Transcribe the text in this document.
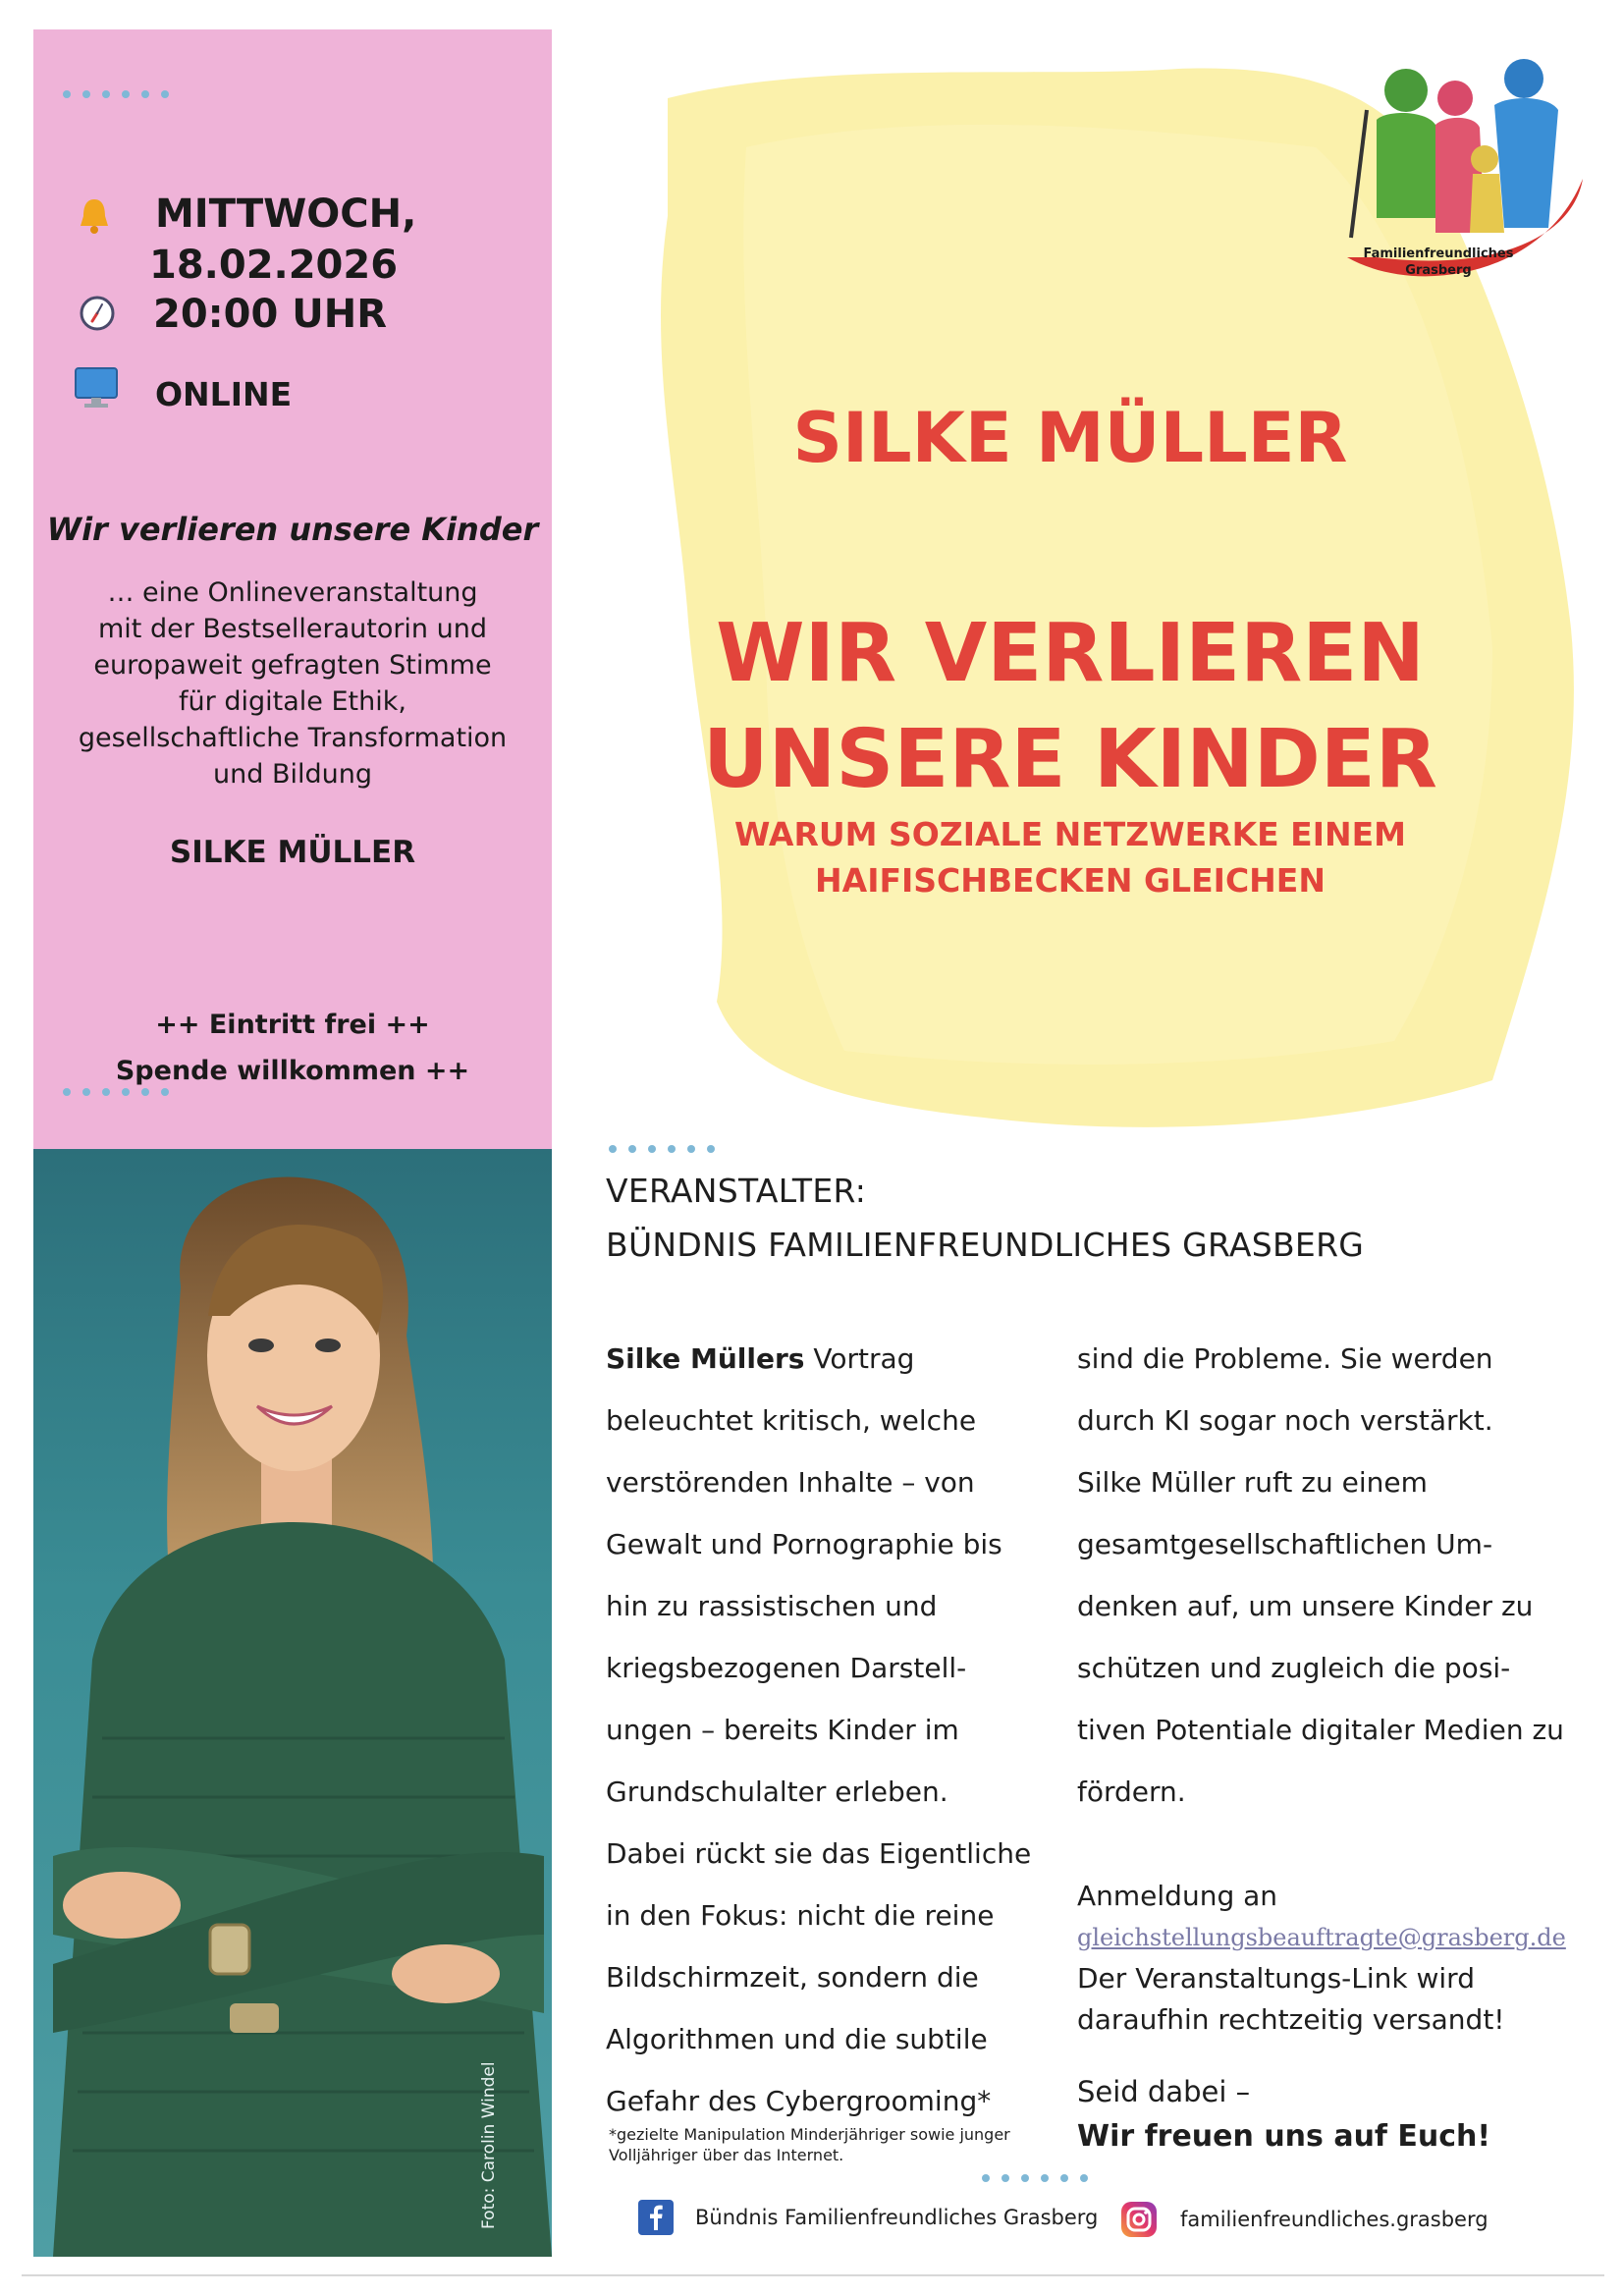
MITTWOCH,
18.02.2026
20:00 UHR
ONLINE
Wir verlieren unsere Kinder
… eine Onlineveranstaltung
mit der Bestsellerautorin und
europaweit gefragten Stimme
für digitale Ethik,
gesellschaftliche Transformation
und Bildung
SILKE MÜLLER
++ Eintritt frei ++
Spende willkommen ++
Foto: Carolin Windel
Familienfreundliches
Grasberg
SILKE MÜLLER
WIR VERLIEREN
UNSERE KINDER
WARUM SOZIALE NETZWERKE EINEM
HAIFISCHBECKEN GLEICHEN
VERANSTALTER:
BÜNDNIS FAMILIENFREUNDLICHES GRASBERG

Silke Müllers Vortrag

beleuchtet kritisch, welche

verstörenden Inhalte – von

Gewalt und Pornographie bis

hin zu rassistischen und

kriegsbezogenen Darstell-

ungen – bereits Kinder im

Grundschulalter erleben.

Dabei rückt sie das Eigentliche

in den Fokus: nicht die reine

Bildschirmzeit, sondern die

Algorithmen und die subtile

Gefahr des Cybergrooming*

*gezielte Manipulation Minderjähriger sowie junger
Volljähriger über das Internet.

sind die Probleme. Sie werden

durch KI sogar noch verstärkt.

Silke Müller ruft zu einem

gesamtgesellschaftlichen Um-

denken auf, um unsere Kinder zu

schützen und zugleich die posi-

tiven Potentiale digitaler Medien zu

fördern.

Anmeldung an
gleichstellungsbeauftragte@grasberg.de
Der Veranstaltungs-Link wird
daraufhin rechtzeitig versandt!
Seid dabei –
Wir freuen uns auf Euch!
Bündnis Familienfreundliches Grasberg	familienfreundliches.grasberg
